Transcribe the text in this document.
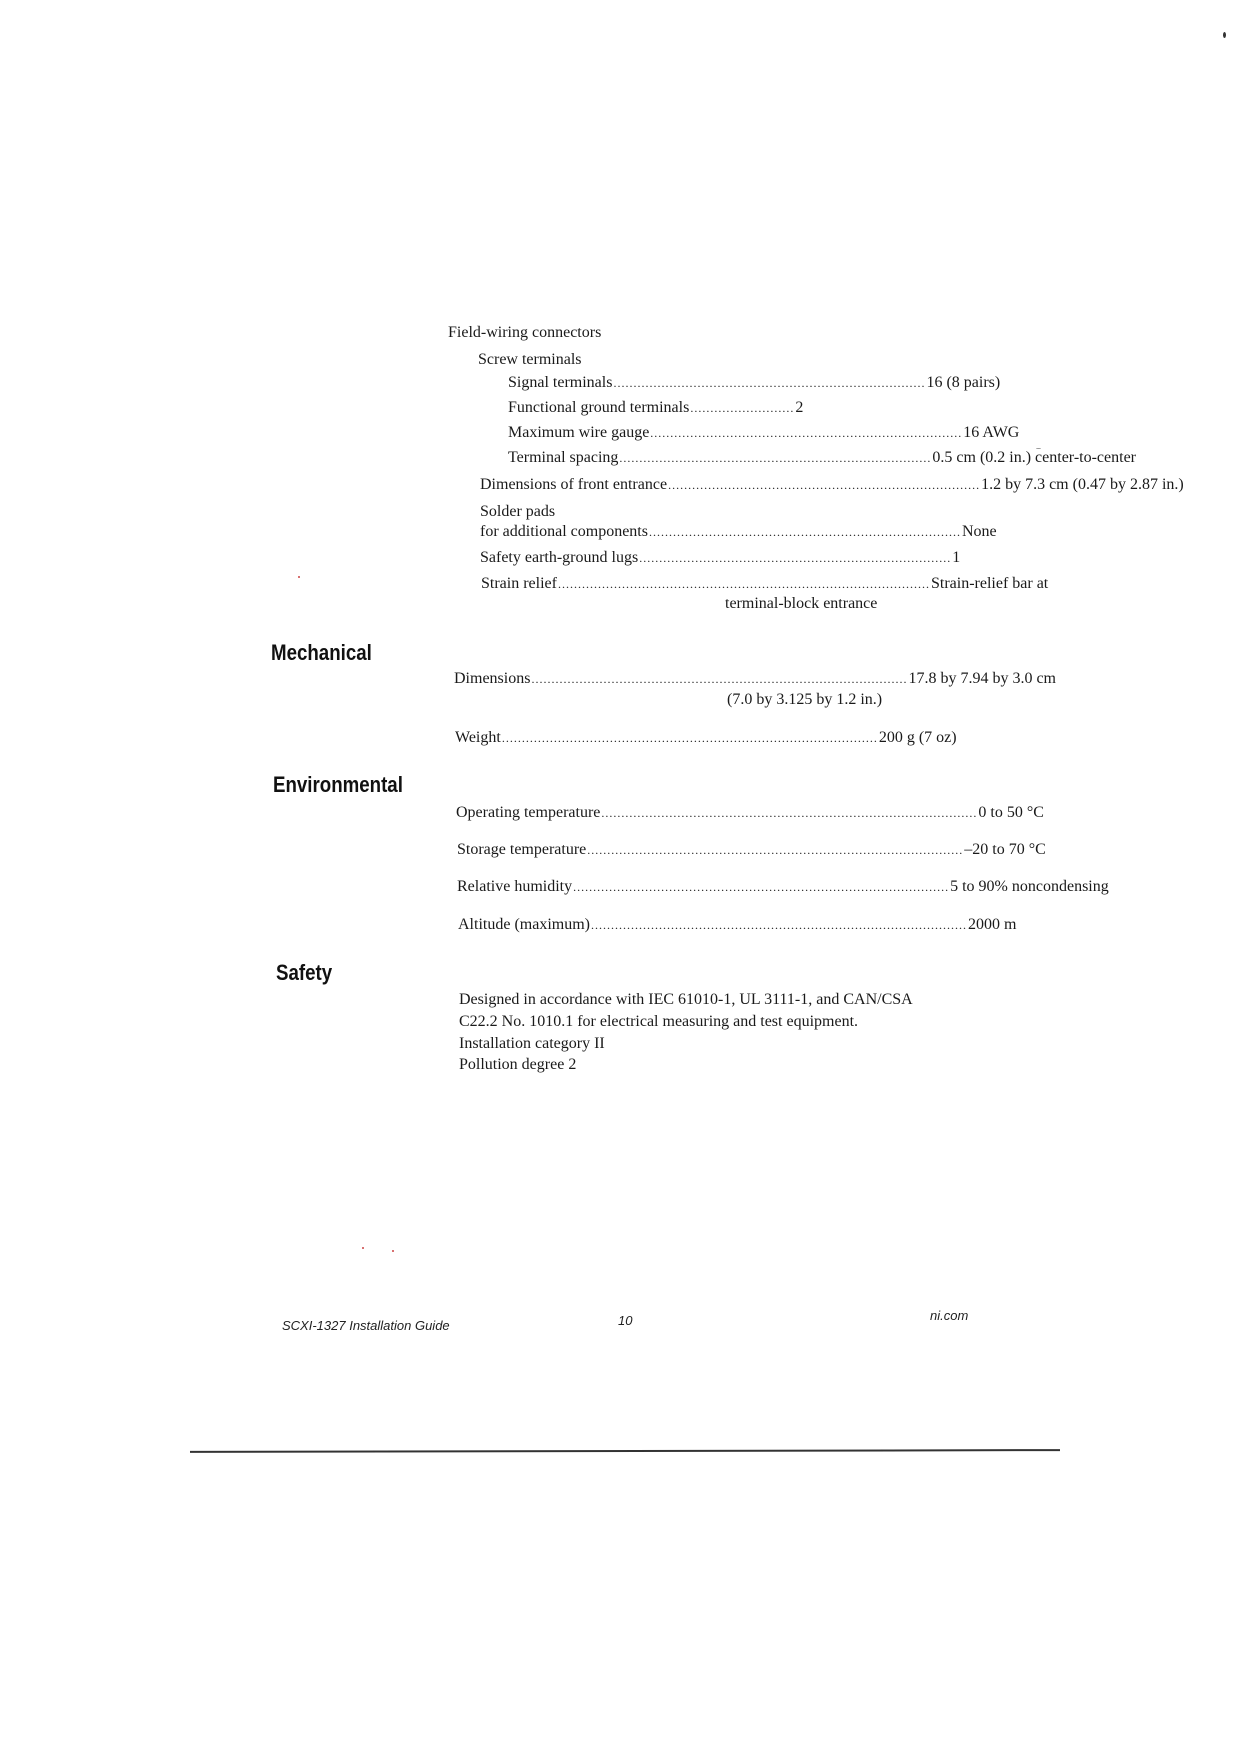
Field-wiring connectors
Screw terminals
Signal terminals .............................................................................. 16 (8 pairs)
Functional ground terminals .......................... 2
Maximum wire gauge .............................................................................. 16 AWG
Terminal spacing .............................................................................. 0.5 cm (0.2 in.) center-to-center
Dimensions of front entrance .............................................................................. 1.2 by 7.3 cm (0.47 by 2.87 in.)
Solder pads
for additional components .............................................................................. None
Safety earth-ground lugs .............................................................................. 1
Strain relief ............................................................................................. Strain-relief bar at
terminal-block entrance
Mechanical
Dimensions .............................................................................................. 17.8 by 7.94 by 3.0 cm
(7.0 by 3.125 by 1.2 in.)
Weight .............................................................................................. 200 g (7 oz)
Environmental
Operating temperature .............................................................................................. 0 to 50 °C
Storage temperature .............................................................................................. –20 to 70 °C
Relative humidity .............................................................................................. 5 to 90% noncondensing
Altitude (maximum) .............................................................................................. 2000 m
Safety
Designed in accordance with IEC 61010-1, UL 3111-1, and CAN/CSA
C22.2 No. 1010.1 for electrical measuring and test equipment.
Installation category II
Pollution degree 2
SCXI-1327 Installation Guide	10	ni.com
